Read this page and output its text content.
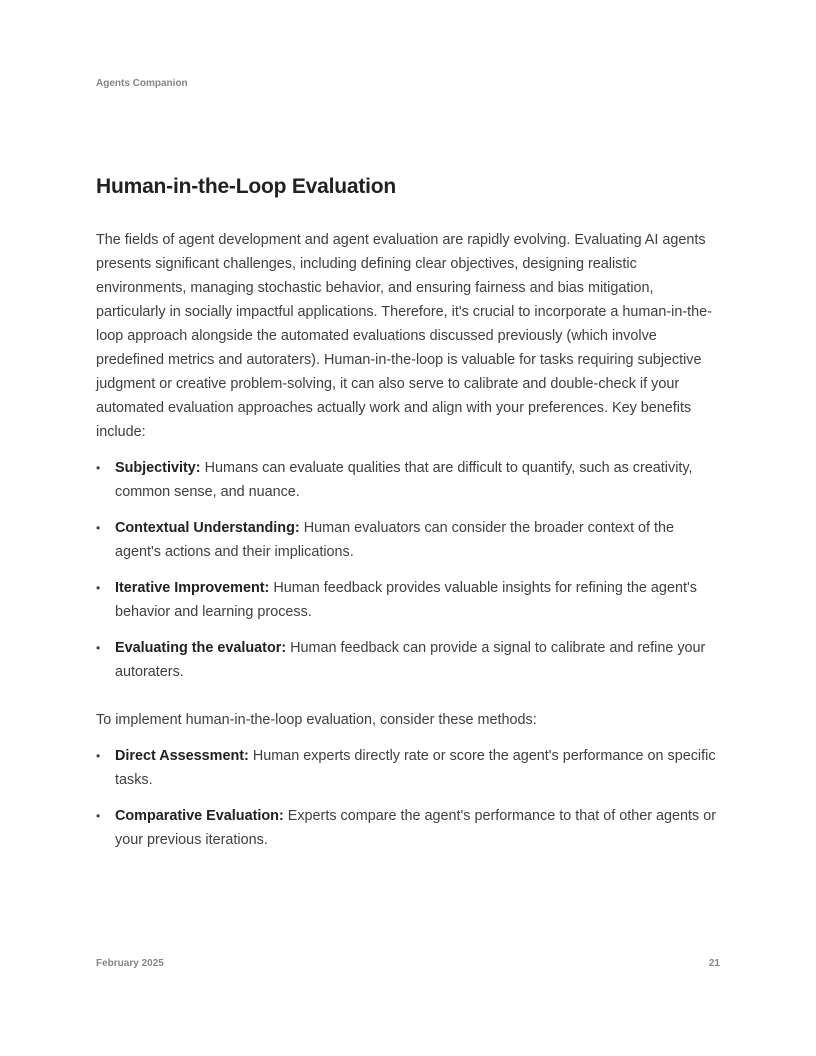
Agents Companion
Human-in-the-Loop Evaluation

The fields of agent development and agent evaluation are rapidly evolving. Evaluating AI agents presents significant challenges, including defining clear objectives, designing realistic environments, managing stochastic behavior, and ensuring fairness and bias mitigation, particularly in socially impactful applications. Therefore, it's crucial to incorporate a human-in-the-loop approach alongside the automated evaluations discussed previously (which involve predefined metrics and autoraters). Human-in-the-loop is valuable for tasks requiring subjective judgment or creative problem-solving, it can also serve to calibrate and double-check if your automated evaluation approaches actually work and align with your preferences. Key benefits include:

• Subjectivity: Humans can evaluate qualities that are difficult to quantify, such as creativity, common sense, and nuance.
• Contextual Understanding: Human evaluators can consider the broader context of the agent's actions and their implications.
• Iterative Improvement: Human feedback provides valuable insights for refining the agent's behavior and learning process.
• Evaluating the evaluator: Human feedback can provide a signal to calibrate and refine your autoraters.

To implement human-in-the-loop evaluation, consider these methods:

• Direct Assessment: Human experts directly rate or score the agent's performance on specific tasks.
• Comparative Evaluation: Experts compare the agent's performance to that of other agents or your previous iterations.
February 2025	21
